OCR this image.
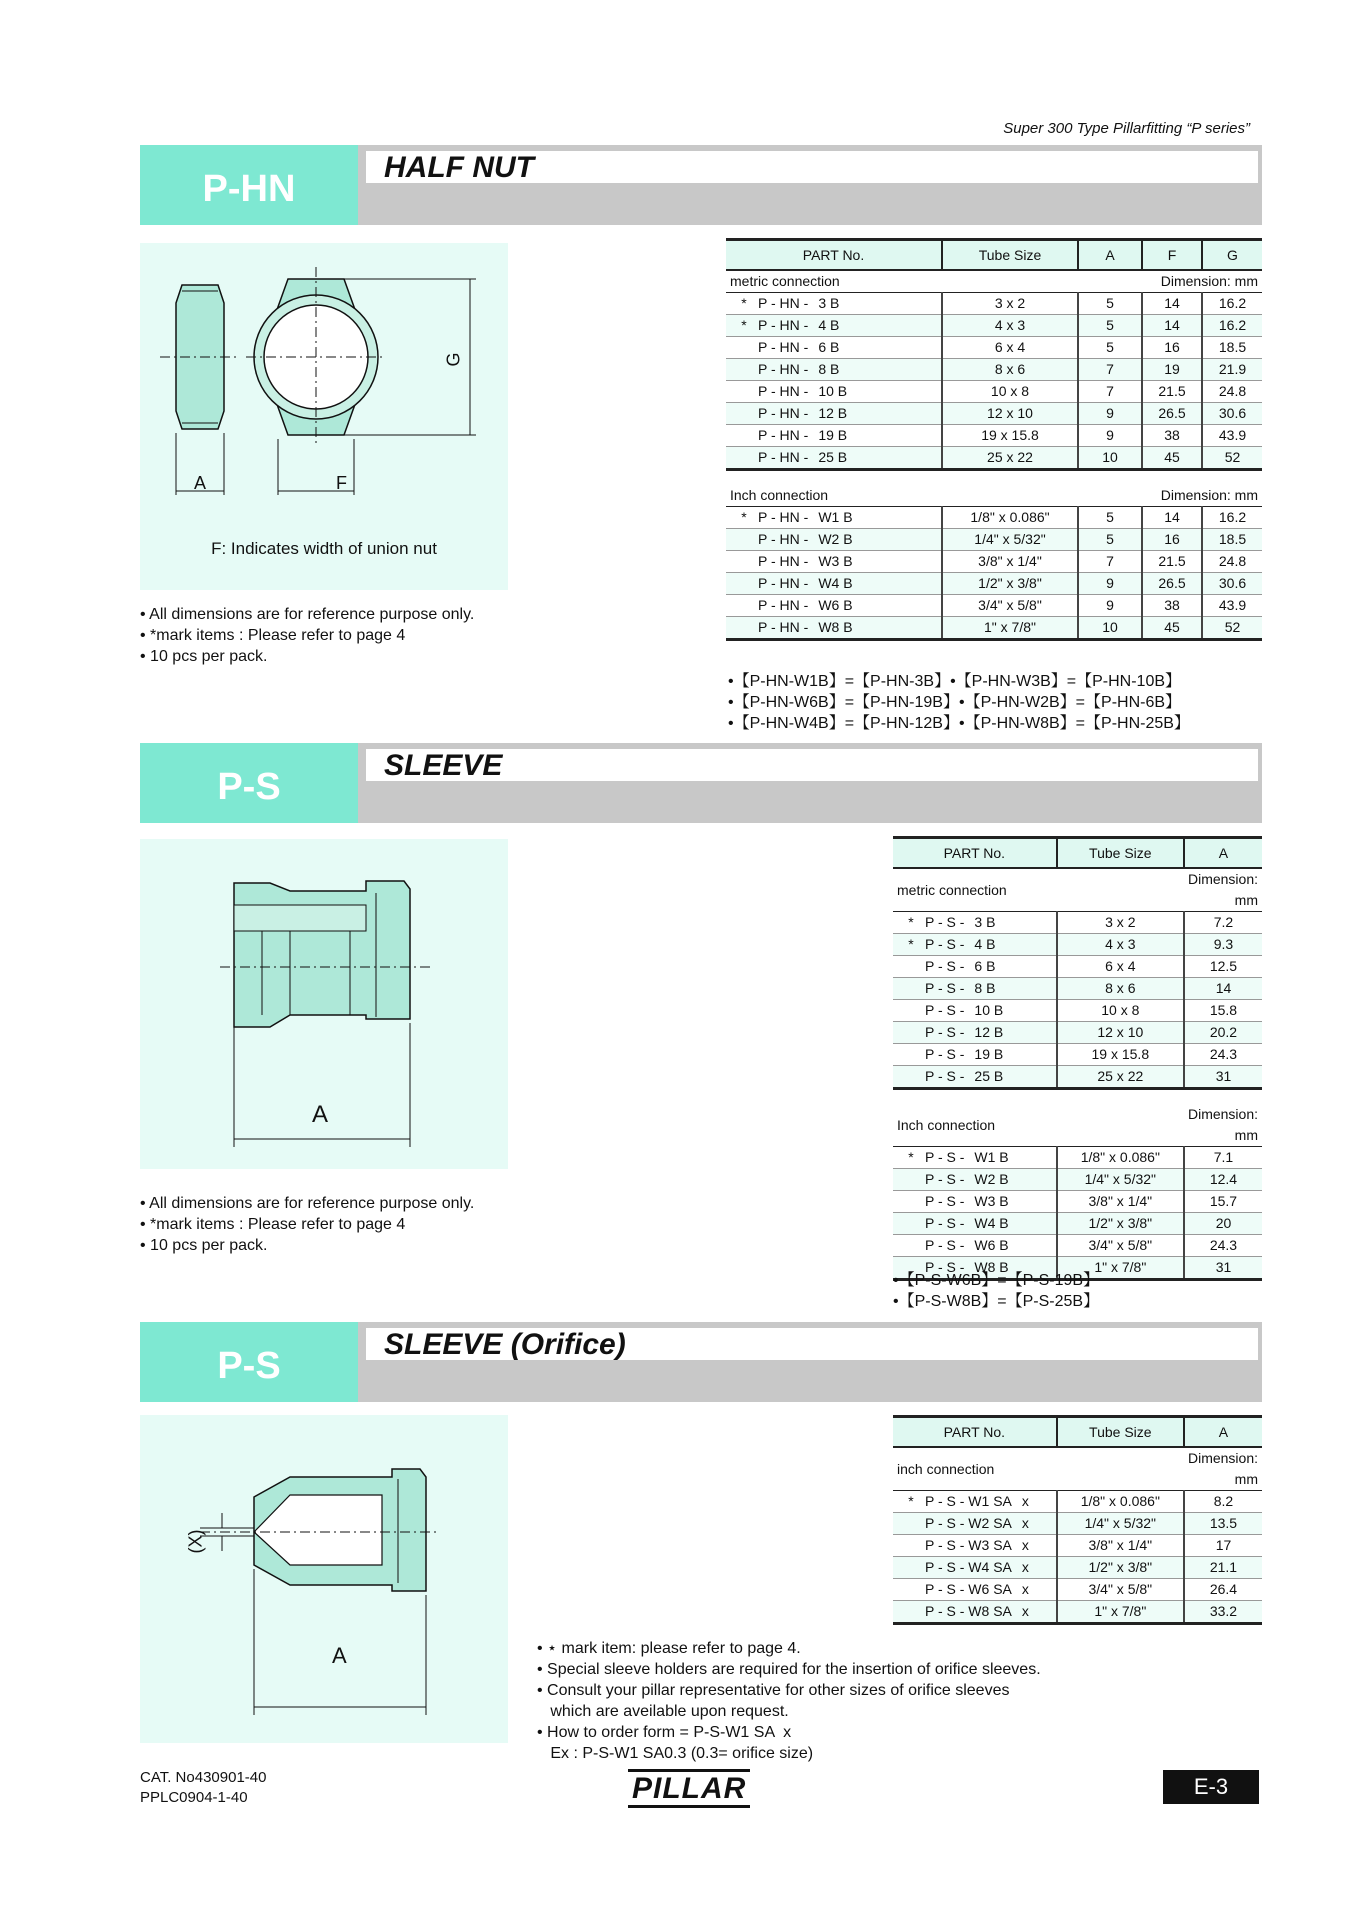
Super 300 Type Pillarfitting “P series”
P-HN
HALF NUT
A	F
G
F: Indicates width of union nut
• All dimensions are for reference purpose only.
• *mark items : Please refer to page 4
• 10 pcs per pack.
PART No.	Tube Size	A	F	G
metric connection			Dimension: mm	
* P - HN - 3 B	3 x 2	5	14	16.2
* P - HN - 4 B	4 x 3	5	14	16.2
P - HN - 6 B	6 x 4	5	16	18.5
P - HN - 8 B	8 x 6	7	19	21.9
P - HN - 10 B	10 x 8	7	21.5	24.8
P - HN - 12 B	12 x 10	9	26.5	30.6
P - HN - 19 B	19 x 15.8	9	38	43.9
P - HN - 25 B	25 x 22	10	45	52

Inch connection			Dimension: mm	
* P - HN - W1 B	1/8" x 0.086"	5	14	16.2
P - HN - W2 B	1/4" x 5/32"	5	16	18.5
P - HN - W3 B	3/8" x 1/4"	7	21.5	24.8
P - HN - W4 B	1/2" x 3/8"	9	26.5	30.6
P - HN - W6 B	3/4" x 5/8"	9	38	43.9
P - HN - W8 B	1" x 7/8"	10	45	52
•【P-HN-W1B】=【P-HN-3B】•【P-HN-W3B】=【P-HN-10B】
•【P-HN-W6B】=【P-HN-19B】•【P-HN-W2B】=【P-HN-6B】
•【P-HN-W4B】=【P-HN-12B】•【P-HN-W8B】=【P-HN-25B】
P-S
SLEEVE
A
• All dimensions are for reference purpose only.
• *mark items : Please refer to page 4
• 10 pcs per pack.
PART No.	Tube Size	A
metric connection		Dimension: mm
* P - S - 3 B	3 x 2	7.2
* P - S - 4 B	4 x 3	9.3
P - S - 6 B	6 x 4	12.5
P - S - 8 B	8 x 6	14
P - S - 10 B	10 x 8	15.8
P - S - 12 B	12 x 10	20.2
P - S - 19 B	19 x 15.8	24.3
P - S - 25 B	25 x 22	31

Inch connection		Dimension: mm
* P - S - W1 B	1/8" x 0.086"	7.1
P - S - W2 B	1/4" x 5/32"	12.4
P - S - W3 B	3/8" x 1/4"	15.7
P - S - W4 B	1/2" x 3/8"	20
P - S - W6 B	3/4" x 5/8"	24.3
P - S - W8 B	1" x 7/8"	31
•【P-S-W6B】=【P-S-19B】
•【P-S-W8B】=【P-S-25B】
P-S
SLEEVE (Orifice)
(X)
A	• ⋆ mark item: please refer to page 4.
• Special sleeve holders are required for the insertion of orifice sleeves.
• Consult your pillar representative for other sizes of orifice sleeves
which are aveilable upon request.
• How to order form = P-S-W1 SA  x
Ex : P-S-W1 SA0.3 (0.3= orifice size)
PART No.	Tube Size	A
inch connection		Dimension: mm
* P - S - W1 SA x	1/8" x 0.086"	8.2
P - S - W2 SA x	1/4" x 5/32"	13.5
P - S - W3 SA x	3/8" x 1/4"	17
P - S - W4 SA x	1/2" x 3/8"	21.1
P - S - W6 SA x	3/4" x 5/8"	26.4
P - S - W8 SA x	1" x 7/8"	33.2
CAT. No430901-40
PPLC0904-1-40	PILLAR	E-3
